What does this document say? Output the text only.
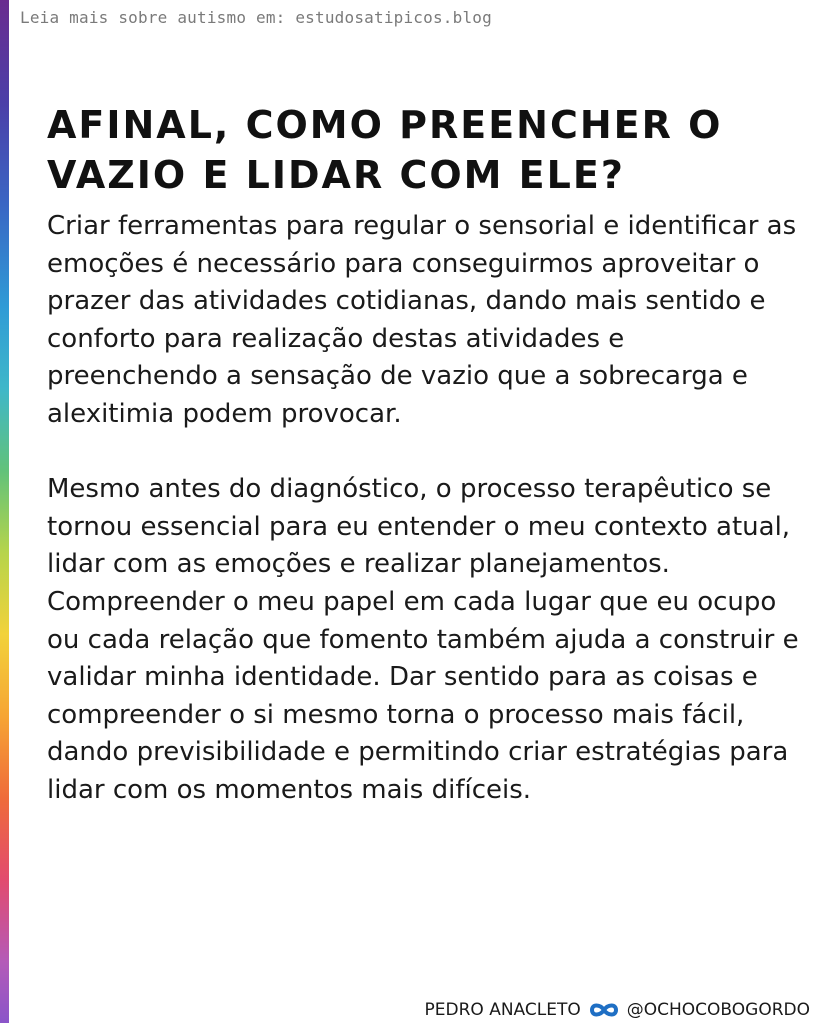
Leia mais sobre autismo em: estudosatipicos.blog
AFINAL, COMO PREENCHER O VAZIO E LIDAR COM ELE?

Criar ferramentas para regular o sensorial e identificar as emoções é necessário para conseguirmos aproveitar o prazer das atividades cotidianas, dando mais sentido e conforto para realização destas atividades e preenchendo a sensação de vazio que a sobrecarga e alexitimia podem provocar.

Mesmo antes do diagnóstico, o processo terapêutico se tornou essencial para eu entender o meu contexto atual, lidar com as emoções e realizar planejamentos. Compreender o meu papel em cada lugar que eu ocupo ou cada relação que fomento também ajuda a construir e validar minha identidade. Dar sentido para as coisas e compreender o si mesmo torna o processo mais fácil, dando previsibilidade e permitindo criar estratégias para lidar com os momentos mais difíceis.

PEDRO ANACLETO	@OCHOCOBOGORDO
